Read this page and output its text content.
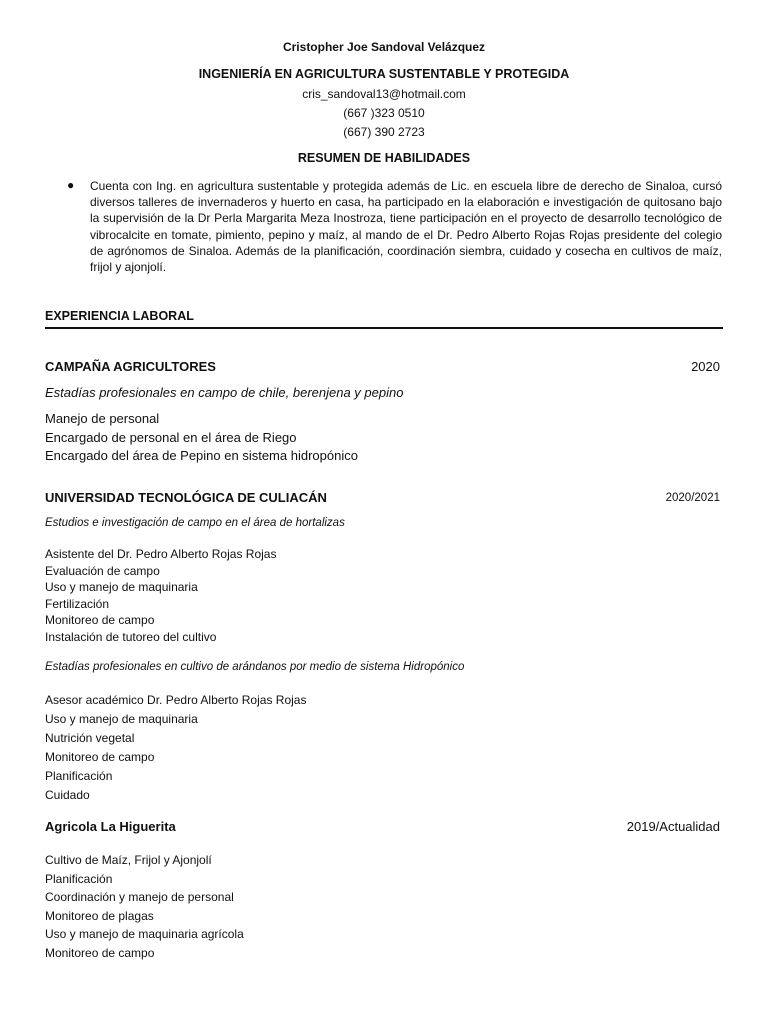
Cristopher Joe Sandoval Velázquez
INGENIERÍA EN AGRICULTURA SUSTENTABLE Y PROTEGIDA
cris_sandoval13@hotmail.com
(667 )323 0510
(667) 390 2723
RESUMEN DE HABILIDADES
● Cuenta con Ing. en agricultura sustentable y protegida además de Lic. en escuela libre de derecho de Sinaloa, cursó diversos talleres de invernaderos y huerto en casa, ha participado en la elaboración e investigación de quitosano bajo la supervisión de la Dr Perla Margarita Meza Inostroza, tiene participación en el proyecto de desarrollo tecnológico de vibrocalcite en tomate, pimiento, pepino y maíz, al mando de el Dr. Pedro Alberto Rojas Rojas presidente del colegio de agrónomos de Sinaloa. Además de la planificación, coordinación siembra, cuidado y cosecha en cultivos de maíz, frijol y ajonjolí.
EXPERIENCIA LABORAL
CAMPAÑA AGRICULTORES	2020
Estadías profesionales en campo de chile, berenjena y pepino
Manejo de personal
Encargado de personal en el área de Riego
Encargado del área de Pepino en sistema hidropónico
UNIVERSIDAD TECNOLÓGICA DE CULIACÁN	2020/2021
Estudios e investigación de campo en el área de hortalizas
Asistente del Dr. Pedro Alberto Rojas Rojas
Evaluación de campo
Uso y manejo de maquinaria
Fertilización
Monitoreo de campo
Instalación de tutoreo del cultivo
Estadías profesionales en cultivo de arándanos por medio de sistema Hidropónico
Asesor académico Dr. Pedro Alberto Rojas Rojas
Uso y manejo de maquinaria
Nutrición vegetal
Monitoreo de campo
Planificación
Cuidado
Agricola La Higuerita	2019/Actualidad
Cultivo de Maíz, Frijol y Ajonjolí
Planificación
Coordinación y manejo de personal
Monitoreo de plagas
Uso y manejo de maquinaria agrícola
Monitoreo de campo
